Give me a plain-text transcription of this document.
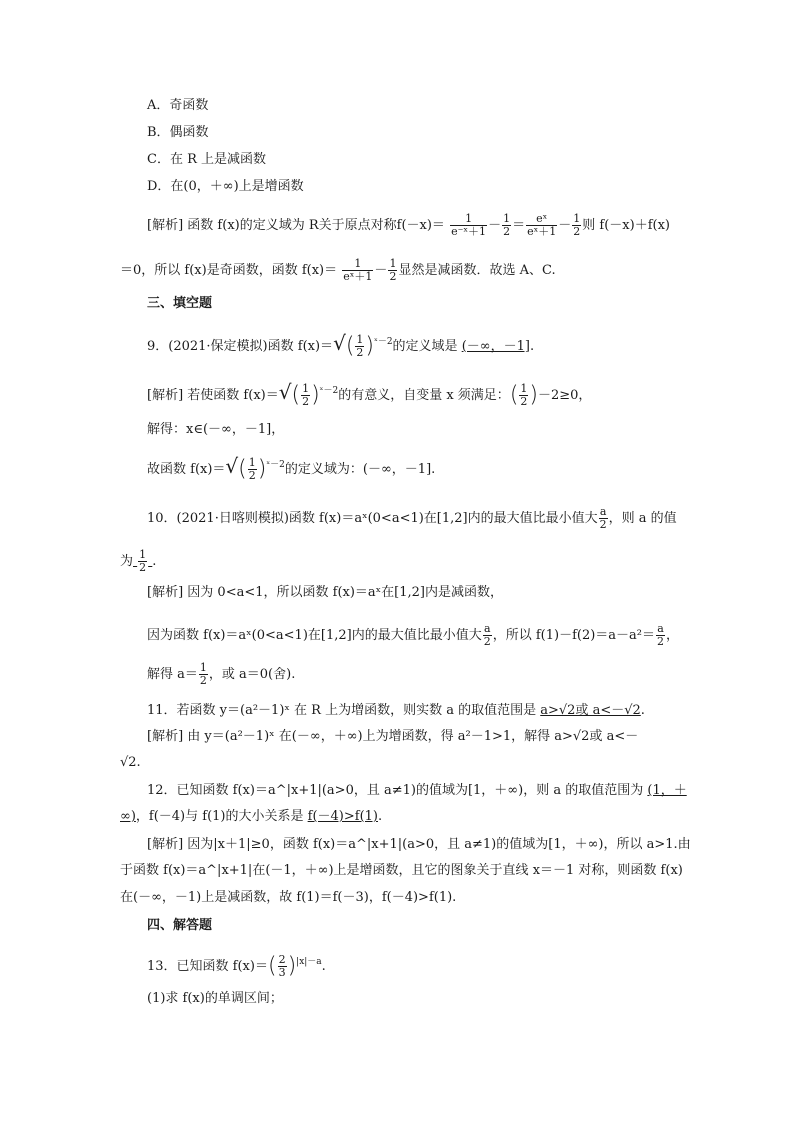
A．奇函数
B．偶函数
C．在 R 上是减函数
D．在(0，＋∞)上是增函数
[解析] 函数 f(x)的定义域为 R关于原点对称$f(-x)= \frac{1}{\text{e⁻ˣ＋1}} - \frac{1}{2} = \frac{\text{eˣ}}{\text{eˣ＋1}} - \frac{1}{2}$ 则 f(－x)＋f(x)
＝0，所以 f(x)是奇函数，函数 $f(x)= \frac{1}{\text{eˣ＋1}} - \frac{1}{2}$ 显然是减函数．故选 A、C.
三、填空题
9．(2021·保定模拟)函数 $f(x)=√( \frac{1}{2} )^{ˣ-2}$的定义域是 (－∞，－1].
[解析] 若使函数 $f(x)=√( \frac{1}{2} )^{ˣ-2}$的有意义，自变量 x 须满足：( $\frac{1}{2} )-2\ge 0$，
解得：x∈(－∞，－1]，
故函数 $f(x)=√( \frac{1}{2} )^{ˣ-2}$的定义域为：(－∞，－1].
10．(2021·日喀则模拟)函数 f(x)＝aˣ(0<a<1)在[1,2]内的最大值比最小值大 $\frac{a}{2}$ ，则 a 的值
为 $\frac{1}{2}$ .
[解析] 因为 0<a<1，所以函数 f(x)＝aˣ在[1,2]内是减函数，
因为函数 f(x)＝aˣ(0<a<1)在[1,2]内的最大值比最小值大 $\frac{a}{2}$ ，所以 $f(1)-f(2)=a-a^2= \frac{a}{2}$ ，
解得 $a= \frac{1}{2}$ ，或 a＝0(舍).
11．若函数 y＝(a²－1)ˣ 在 R 上为增函数，则实数 a 的取值范围是 a>√2或 a<－√2.
[解析] 由 y＝(a²－1)ˣ 在(－∞，＋∞)上为增函数，得 a²－1>1，解得 a>√2或 a<－
√2.
12．已知函数 f(x)＝a^|x+1|(a>0，且 a≠1)的值域为[1，＋∞)，则 a 的取值范围为 (1，＋
∞)，f(－4)与 f(1)的大小关系是 f(－4)>f(1).
[解析] 因为|x＋1|≥0，函数 f(x)＝a^|x+1|(a>0，且 a≠1)的值域为[1，＋∞)，所以 a>1.由
于函数 f(x)＝a^|x+1|在(－1，＋∞)上是增函数，且它的图象关于直线 x＝－1 对称，则函数 f(x)
在(－∞，－1)上是减函数，故 f(1)＝f(－3)，f(－4)>f(1).
四、解答题
13．已知函数 $f(x)=( \frac{2}{3} )^{|x|-a}$.
(1)求 f(x)的单调区间；
